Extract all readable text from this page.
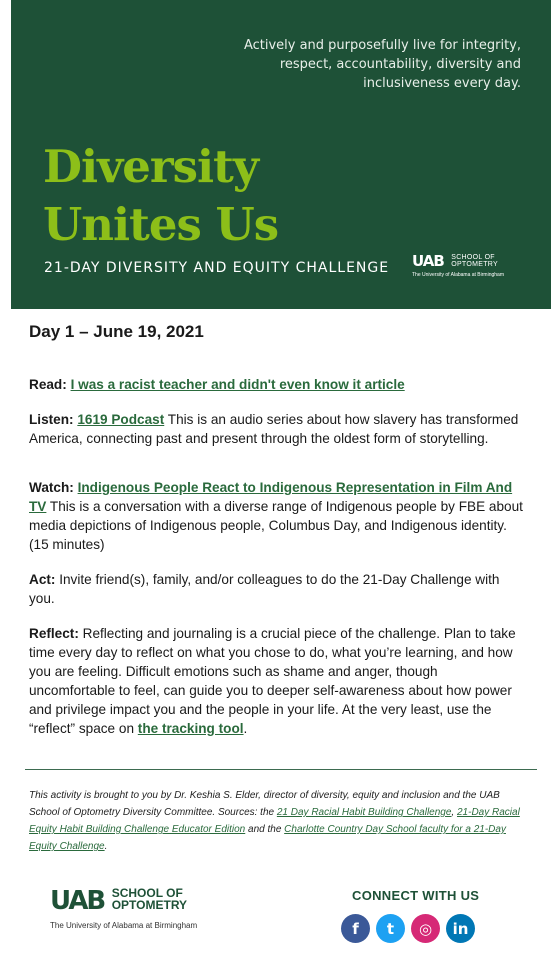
Actively and purposefully live for integrity, respect, accountability, diversity and inclusiveness every day.
Diversity
Unites Us
21-DAY DIVERSITY AND EQUITY CHALLENGE UAB SCHOOL OF
OPTOMETRY
The University of Alabama at Birmingham
Day 1 – June 19, 2021

Read: I was a racist teacher and didn't even know it article

Listen: 1619 Podcast This is an audio series about how slavery has transformed America, connecting past and present through the oldest form of storytelling.

Watch: Indigenous People React to Indigenous Representation in Film And TV This is a conversation with a diverse range of Indigenous people by FBE about media depictions of Indigenous people, Columbus Day, and Indigenous identity. (15 minutes)

Act: Invite friend(s), family, and/or colleagues to do the 21-Day Challenge with you.

Reflect: Reflecting and journaling is a crucial piece of the challenge. Plan to take time every day to reflect on what you chose to do, what you’re learning, and how you are feeling. Difficult emotions such as shame and anger, though uncomfortable to feel, can guide you to deeper self-awareness about how power and privilege impact you and the people in your life. At the very least, use the “reflect” space on the tracking tool.

This activity is brought to you by Dr. Keshia S. Elder, director of diversity, equity and inclusion and the UAB School of Optometry Diversity Committee. Sources: the 21 Day Racial Habit Building Challenge, 21-Day Racial Equity Habit Building Challenge Educator Edition and the Charlotte Country Day School faculty for a 21-Day Equity Challenge.
UAB SCHOOL OF
OPTOMETRY
The University of Alabama at Birmingham
CONNECT WITH US
f	t	◎	in
